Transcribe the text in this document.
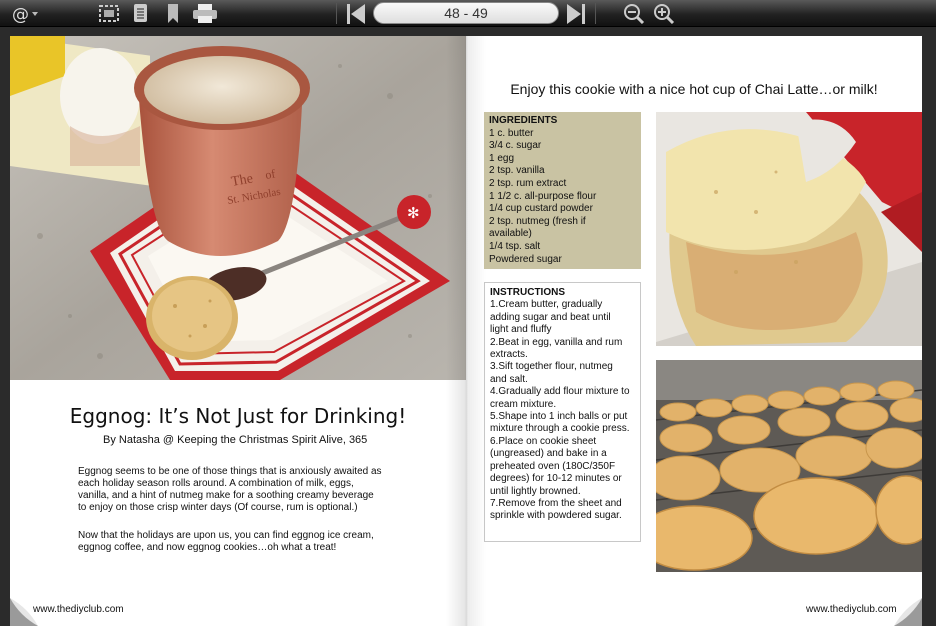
@	48 - 49
The of
St. Nicholas
✻
Eggnog: It’s Not Just for Drinking!
By Natasha @ Keeping the Christmas Spirit Alive, 365
Eggnog seems to be one of those things that is anxiously awaited as
each holiday season rolls around. A combination of milk, eggs,
vanilla, and a hint of nutmeg make for a soothing creamy beverage
to enjoy on those crisp winter days (Of course, rum is optional.)
Now that the holidays are upon us, you can find eggnog ice cream,
eggnog coffee, and now eggnog cookies…oh what a treat!
www.thediyclub.com
Enjoy this cookie with a nice hot cup of Chai Latte…or milk!
INGREDIENTS
1 c. butter
3/4 c. sugar
1 egg
2 tsp. vanilla
2 tsp. rum extract
1 1/2 c. all-purpose flour
1/4 cup custard powder
2 tsp. nutmeg (fresh if
available)
1/4 tsp. salt
Powdered sugar
INSTRUCTIONS
1.Cream butter, gradually
adding sugar and beat until
light and fluffy
2.Beat in egg, vanilla and rum
extracts.
3.Sift together flour, nutmeg
and salt.
4.Gradually add flour mixture to
cream mixture.
5.Shape into 1 inch balls or put
mixture through a cookie press.
6.Place on cookie sheet
(ungreased) and bake in a
preheated oven (180C/350F
degrees) for 10-12 minutes or
until lightly browned.
7.Remove from the sheet and
sprinkle with powdered sugar.
www.thediyclub.com
